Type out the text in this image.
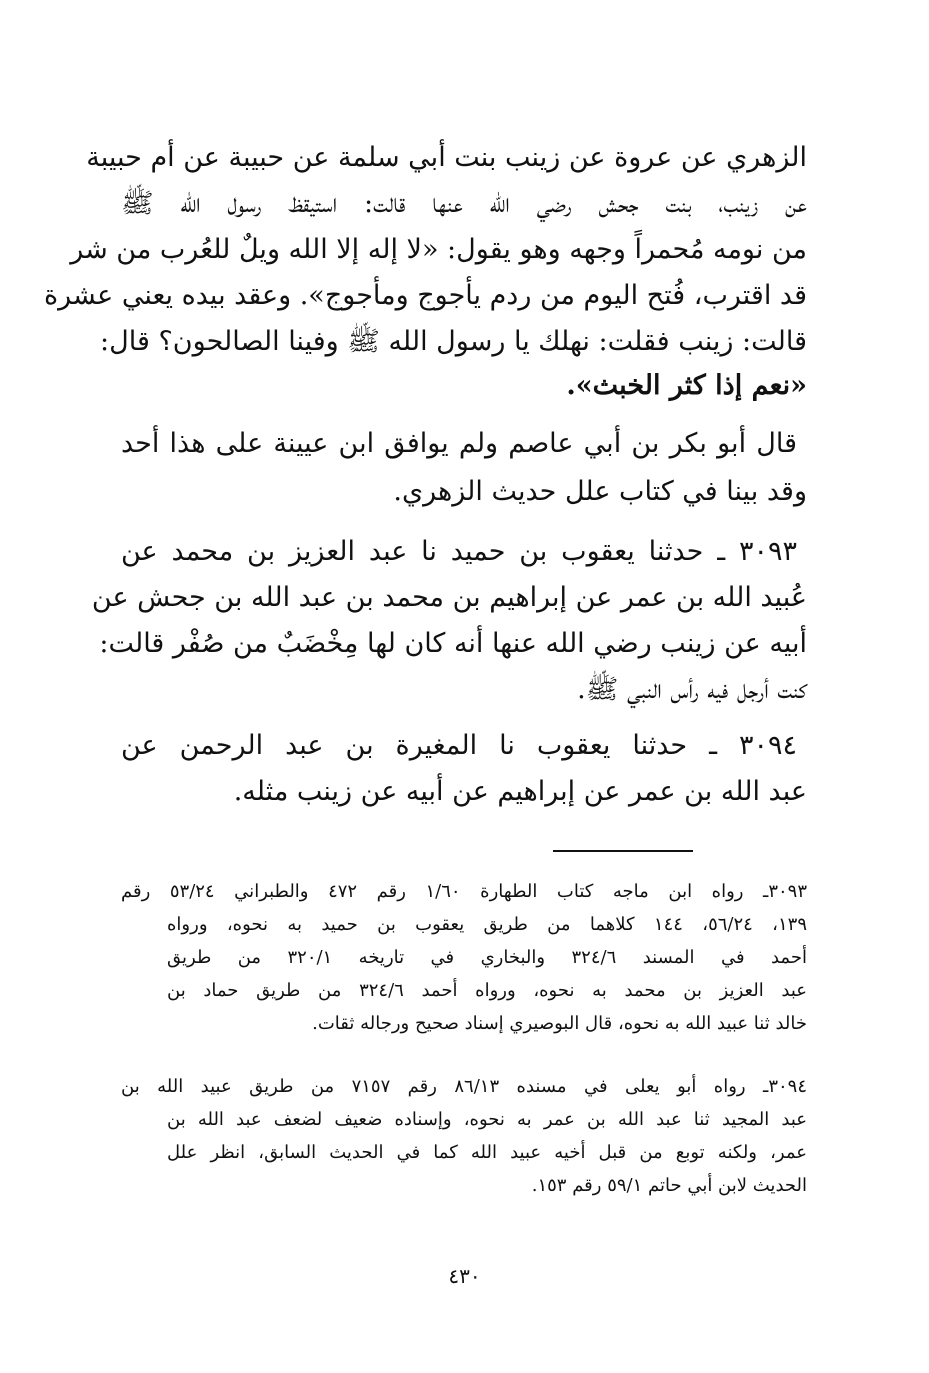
الزهري عن عروة عن زينب بنت أبي سلمة عن حبيبة عن أم حبيبة
عن زينب، بنت جحش رضي الله عنها قالت: استيقظ رسول الله ﷺ
من نومه مُحمراً وجهه وهو يقول: «لا إله إلا الله ويلٌ للعُرب من شر
قد اقترب، فُتح اليوم من ردم يأجوج ومأجوج». وعقد بيده يعني عشرة
قالت: زينب فقلت: نهلك يا رسول الله ﷺ وفينا الصالحون؟ قال:
«نعم إذا كثر الخبث».
قال أبو بكر بن أبي عاصم ولم يوافق ابن عيينة على هذا أحد
وقد بينا في كتاب علل حديث الزهري.
٣٠٩٣ ـ حدثنا يعقوب بن حميد نا عبد العزيز بن محمد عن
عُبيد الله بن عمر عن إبراهيم بن محمد بن عبد الله بن جحش عن
أبيه عن زينب رضي الله عنها أنه كان لها مِخْضَبٌ من صُفْر قالت:
كنت أرجل فيه رأس النبي ﷺ.
٣٠٩٤ ـ حدثنا يعقوب نا المغيرة بن عبد الرحمن عن
عبد الله بن عمر عن إبراهيم عن أبيه عن زينب مثله.
٣٠٩٣ـ رواه ابن ماجه كتاب الطهارة ١/٦٠ رقم ٤٧٢ والطبراني ٥٣/٢٤ رقم
١٣٩، ٥٦/٢٤، ١٤٤ كلاهما من طريق يعقوب بن حميد به نحوه، ورواه
أحمد في المسند ٣٢٤/٦ والبخاري في تاريخه ٣٢٠/١ من طريق
عبد العزيز بن محمد به نحوه، ورواه أحمد ٣٢٤/٦ من طريق حماد بن
خالد ثنا عبيد الله به نحوه، قال البوصيري إسناد صحيح ورجاله ثقات.
٣٠٩٤ـ رواه أبو يعلى في مسنده ٨٦/١٣ رقم ٧١٥٧ من طريق عبيد الله بن
عبد المجيد ثنا عبد الله بن عمر به نحوه، وإسناده ضعيف لضعف عبد الله بن
عمر، ولكنه توبع من قبل أخيه عبيد الله كما في الحديث السابق، انظر علل
الحديث لابن أبي حاتم ٥٩/١ رقم ١٥٣.
٤٣٠
